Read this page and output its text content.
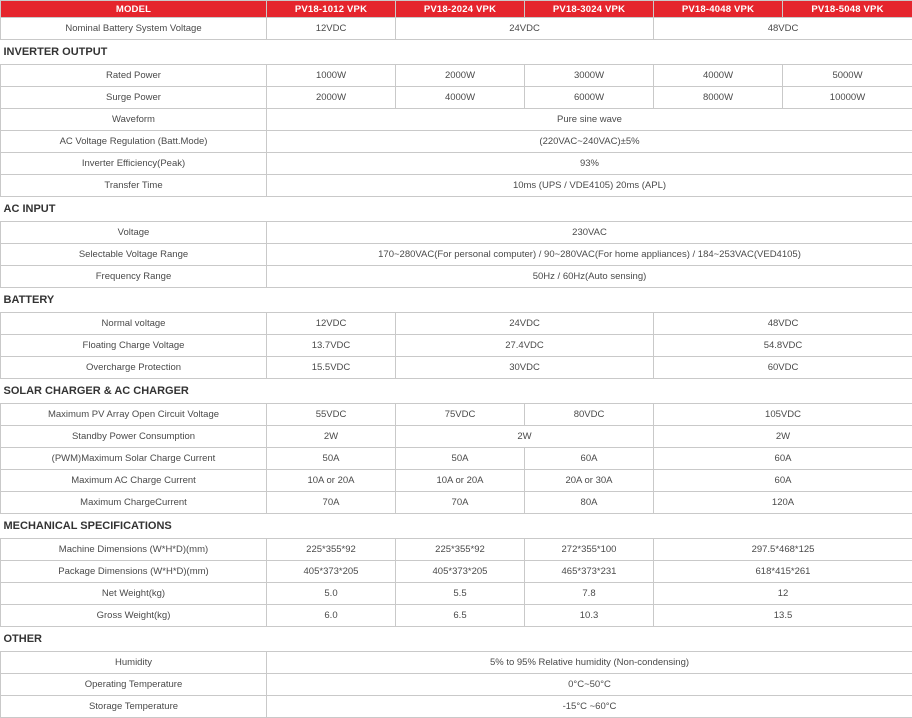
MODEL	PV18-1012 VPK	PV18-2024 VPK	PV18-3024 VPK	PV18-4048 VPK	PV18-5048 VPK
Nominal Battery System Voltage	12VDC	24VDC		48VDC	
INVERTER OUTPUT					
Rated Power	1000W	2000W	3000W	4000W	5000W
Surge Power	2000W	4000W	6000W	8000W	10000W
Waveform	Pure sine wave				
AC Voltage Regulation (Batt.Mode)	(220VAC~240VAC)±5%				
Inverter Efficiency(Peak)	93%				
Transfer Time	10ms (UPS / VDE4105) 20ms (APL)				
AC INPUT					
Voltage	230VAC				
Selectable Voltage Range	170~280VAC(For personal computer) / 90~280VAC(For home appliances) / 184~253VAC(VED4105)				
Frequency Range	50Hz / 60Hz(Auto sensing)				
BATTERY					
Normal voltage	12VDC	24VDC		48VDC	
Floating Charge Voltage	13.7VDC	27.4VDC		54.8VDC	
Overcharge Protection	15.5VDC	30VDC		60VDC	
SOLAR CHARGER & AC CHARGER					
Maximum PV Array Open Circuit Voltage	55VDC	75VDC	80VDC	105VDC	
Standby Power Consumption	2W	2W		2W	
(PWM)Maximum Solar Charge Current	50A	50A	60A	60A	
Maximum AC Charge Current	10A or 20A	10A or 20A	20A or 30A	60A	
Maximum ChargeCurrent	70A	70A	80A	120A	
MECHANICAL SPECIFICATIONS					
Machine Dimensions (W*H*D)(mm)	225*355*92	225*355*92	272*355*100	297.5*468*125	
Package Dimensions (W*H*D)(mm)	405*373*205	405*373*205	465*373*231	618*415*261	
Net Weight(kg)	5.0	5.5	7.8	12	
Gross Weight(kg)	6.0	6.5	10.3	13.5	
OTHER					
Humidity	5% to 95% Relative humidity (Non-condensing)				
Operating Temperature	0°C~50°C				
Storage Temperature	-15°C ~60°C				
